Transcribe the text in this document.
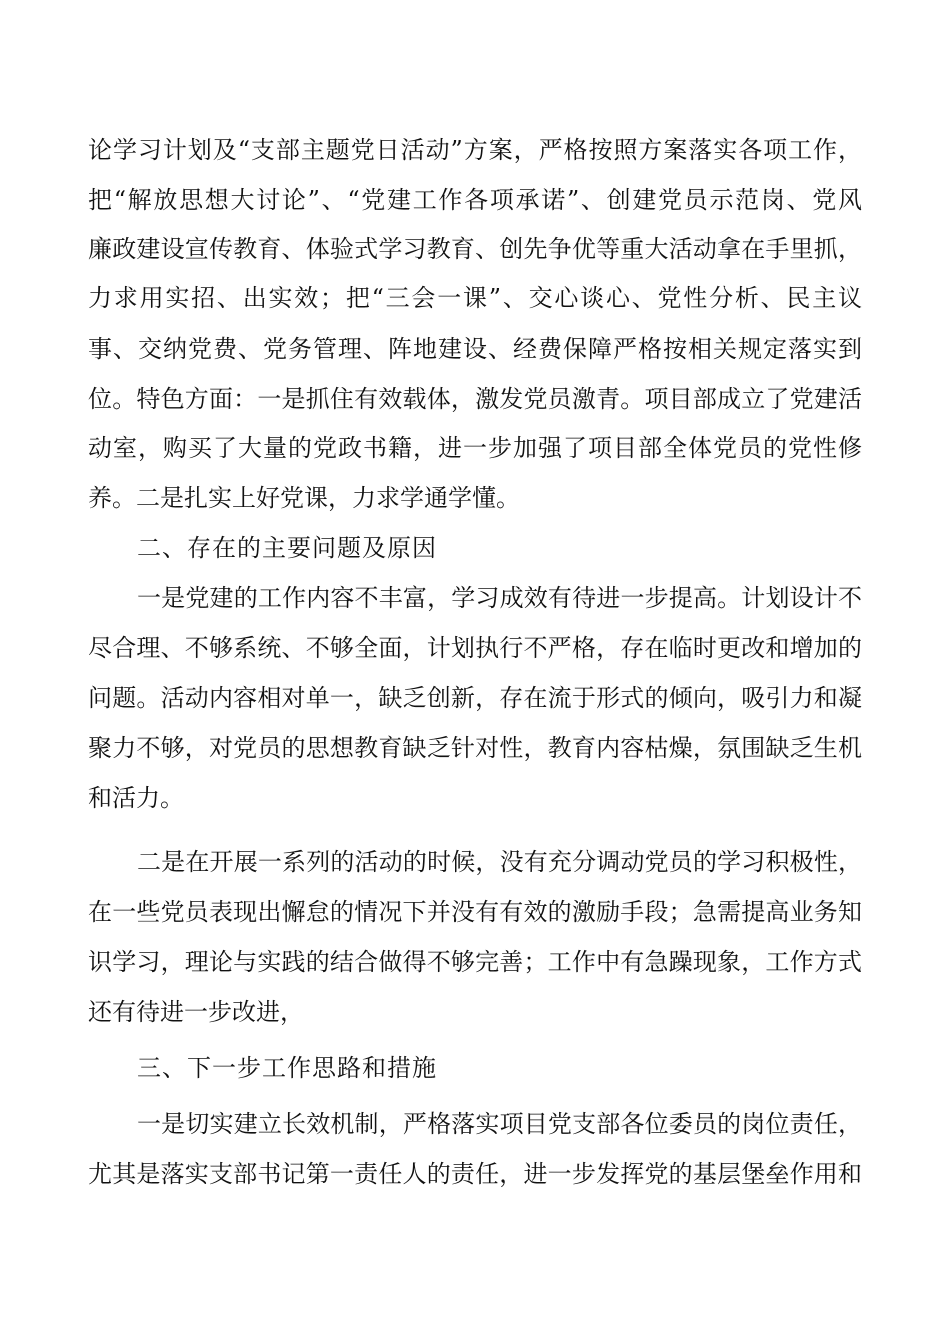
论学习计划及“支部主题党日活动”方案，严格按照方案落实各项工作，
把“解放思想大讨论”、“党建工作各项承诺”、创建党员示范岗、党风
廉政建设宣传教育、体验式学习教育、创先争优等重大活动拿在手里抓，
力求用实招、出实效；把“三会一课”、交心谈心、党性分析、民主议
事、交纳党费、党务管理、阵地建设、经费保障严格按相关规定落实到
位。特色方面：一是抓住有效载体，激发党员激青。项目部成立了党建活
动室，购买了大量的党政书籍，进一步加强了项目部全体党员的党性修
养。二是扎实上好党课，力求学通学懂。
二、存在的主要问题及原因
一是党建的工作内容不丰富，学习成效有待进一步提高。计划设计不
尽合理、不够系统、不够全面，计划执行不严格，存在临时更改和增加的
问题。活动内容相对单一，缺乏创新，存在流于形式的倾向，吸引力和凝
聚力不够，对党员的思想教育缺乏针对性，教育内容枯燥，氛围缺乏生机
和活力。
二是在开展一系列的活动的时候，没有充分调动党员的学习积极性，
在一些党员表现出懈怠的情况下并没有有效的激励手段；急需提高业务知
识学习，理论与实践的结合做得不够完善；工作中有急躁现象，工作方式
还有待进一步改进，
三、下一步工作思路和措施
一是切实建立长效机制，严格落实项目党支部各位委员的岗位责任，
尤其是落实支部书记第一责任人的责任，进一步发挥党的基层堡垒作用和
